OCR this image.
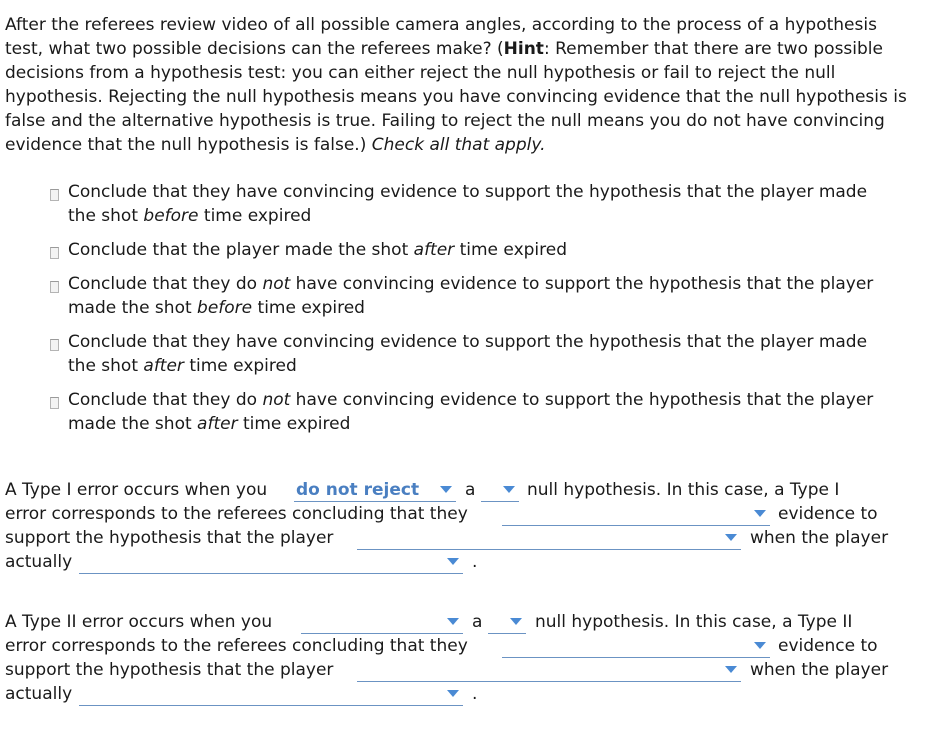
After the referees review video of all possible camera angles, according to the process of a hypothesis test, what two possible decisions can the referees make? (Hint: Remember that there are two possible decisions from a hypothesis test: you can either reject the null hypothesis or fail to reject the null hypothesis. Rejecting the null hypothesis means you have convincing evidence that the null hypothesis is false and the alternative hypothesis is true. Failing to reject the null means you do not have convincing evidence that the null hypothesis is false.) Check all that apply.
Conclude that they have convincing evidence to support the hypothesis that the player made the shot before time expired
Conclude that the player made the shot after time expired
Conclude that they do not have convincing evidence to support the hypothesis that the player made the shot before time expired
Conclude that they have convincing evidence to support the hypothesis that the player made the shot after time expired
Conclude that they do not have convincing evidence to support the hypothesis that the player made the shot after time expired
A Type I error occurs when you do not reject	a	null hypothesis. In this case, a Type I
error corresponds to the referees concluding that they	evidence to
support the hypothesis that the player	when the player
actually	.
A Type II error occurs when you	a	null hypothesis. In this case, a Type II
error corresponds to the referees concluding that they	evidence to
support the hypothesis that the player	when the player
actually	.
